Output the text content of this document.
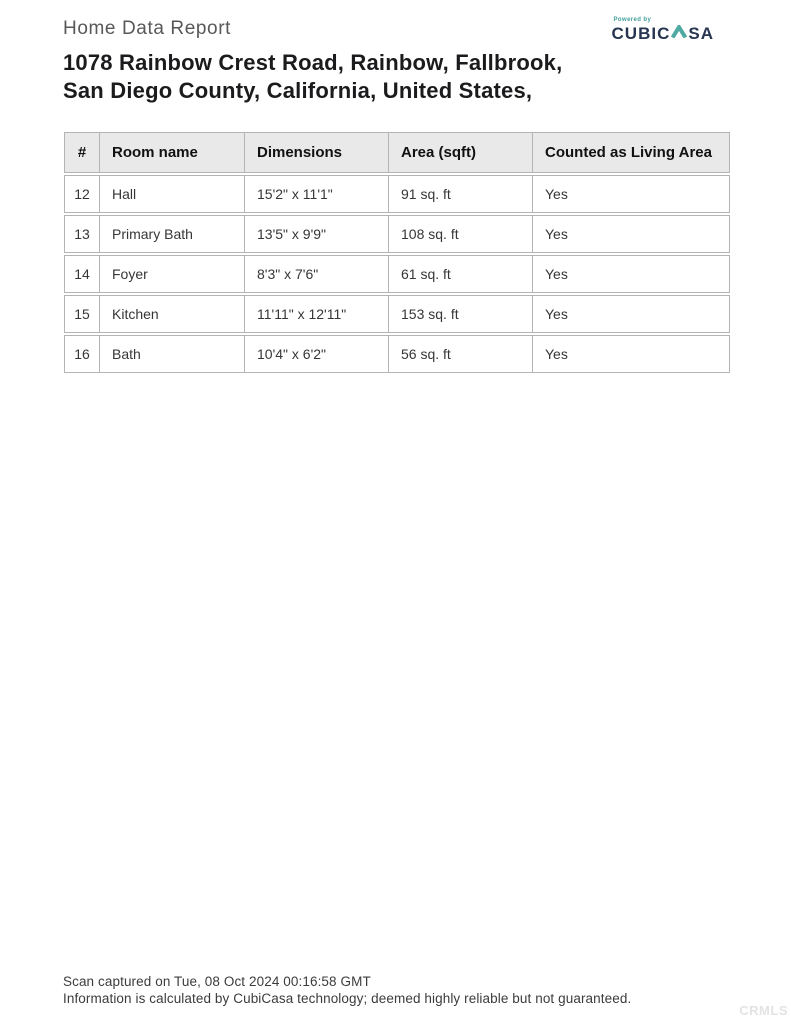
Home Data Report	Powered by
CUBIC SA
1078 Rainbow Crest Road, Rainbow, Fallbrook,
San Diego County, California, United States,
#	Room name	Dimensions	Area (sqft)	Counted as Living Area
12	Hall	15'2" x 11'1"	91 sq. ft	Yes
13	Primary Bath	13'5" x 9'9"	108 sq. ft	Yes
14	Foyer	8'3" x 7'6"	61 sq. ft	Yes
15	Kitchen	11'11" x 12'11"	153 sq. ft	Yes
16	Bath	10'4" x 6'2"	56 sq. ft	Yes
Scan captured on Tue, 08 Oct 2024 00:16:58 GMT
Information is calculated by CubiCasa technology; deemed highly reliable but not guaranteed.
CRMLS
